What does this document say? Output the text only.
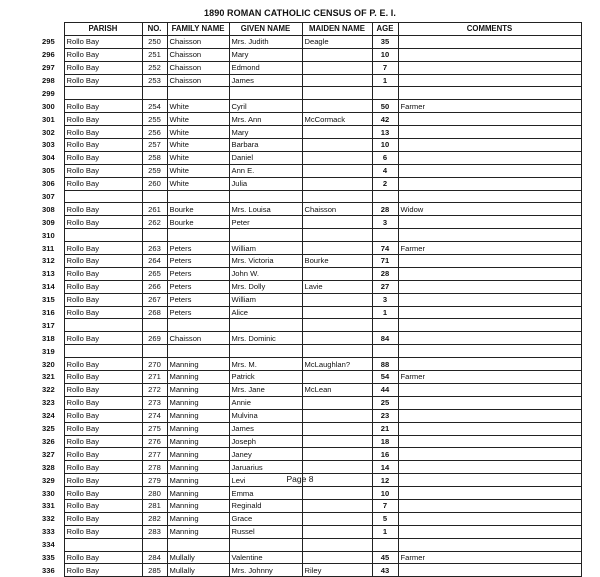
1890 ROMAN CATHOLIC CENSUS OF P. E. I.
	PARISH	NO.	FAMILY NAME	GIVEN NAME	MAIDEN NAME	AGE	COMMENTS
295	Rollo Bay	250	Chaisson	Mrs. Judith	Deagle	35	
296	Rollo Bay	251	Chaisson	Mary		10	
297	Rollo Bay	252	Chaisson	Edmond		7	
298	Rollo Bay	253	Chaisson	James		1	
299							
300	Rollo Bay	254	White	Cyril		50	Farmer
301	Rollo Bay	255	White	Mrs. Ann	McCormack	42	
302	Rollo Bay	256	White	Mary		13	
303	Rollo Bay	257	White	Barbara		10	
304	Rollo Bay	258	White	Daniel		6	
305	Rollo Bay	259	White	Ann E.		4	
306	Rollo Bay	260	White	Julia		2	
307							
308	Rollo Bay	261	Bourke	Mrs. Louisa	Chaisson	28	Widow
309	Rollo Bay	262	Bourke	Peter		3	
310							
311	Rollo Bay	263	Peters	William		74	Farmer
312	Rollo Bay	264	Peters	Mrs. Victoria	Bourke	71	
313	Rollo Bay	265	Peters	John W.		28	
314	Rollo Bay	266	Peters	Mrs. Dolly	Lavie	27	
315	Rollo Bay	267	Peters	William		3	
316	Rollo Bay	268	Peters	Alice		1	
317							
318	Rollo Bay	269	Chaisson	Mrs. Dominic		84	
319							
320	Rollo Bay	270	Manning	Mrs. M.	McLaughlan?	88	
321	Rollo Bay	271	Manning	Patrick		54	Farmer
322	Rollo Bay	272	Manning	Mrs. Jane	McLean	44	
323	Rollo Bay	273	Manning	Annie		25	
324	Rollo Bay	274	Manning	Mulvina		23	
325	Rollo Bay	275	Manning	James		21	
326	Rollo Bay	276	Manning	Joseph		18	
327	Rollo Bay	277	Manning	Janey		16	
328	Rollo Bay	278	Manning	Jaruarius		14	
329	Rollo Bay	279	Manning	Levi		12	
330	Rollo Bay	280	Manning	Emma		10	
331	Rollo Bay	281	Manning	Reginald		7	
332	Rollo Bay	282	Manning	Grace		5	
333	Rollo Bay	283	Manning	Russel		1	
334							
335	Rollo Bay	284	Mullally	Valentine		45	Farmer
336	Rollo Bay	285	Mullally	Mrs. Johnny	Riley	43	
Page 8
